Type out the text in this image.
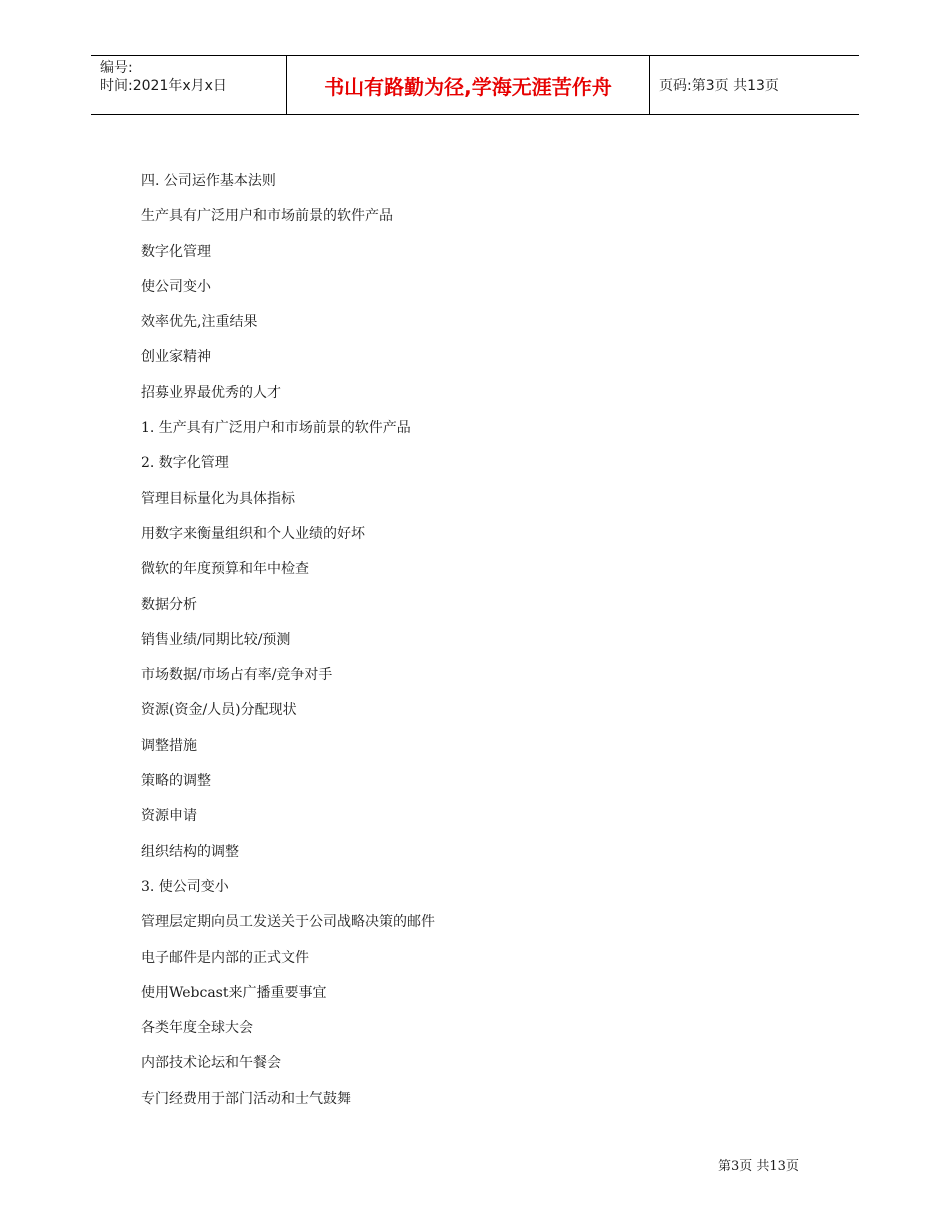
编号:
时间:2021年x月x日	书山有路勤为径,学海无涯苦作舟	页码:第3页 共13页
四. 公司运作基本法则
生产具有广泛用户和市场前景的软件产品
数字化管理
使公司变小
效率优先,注重结果
创业家精神
招募业界最优秀的人才
1. 生产具有广泛用户和市场前景的软件产品
2. 数字化管理
管理目标量化为具体指标
用数字来衡量组织和个人业绩的好坏
微软的年度预算和年中检查
数据分析
销售业绩/同期比较/预测
市场数据/市场占有率/竞争对手
资源(资金/人员)分配现状
调整措施
策略的调整
资源申请
组织结构的调整
3. 使公司变小
管理层定期向员工发送关于公司战略决策的邮件
电子邮件是内部的正式文件
使用Webcast来广播重要事宜
各类年度全球大会
内部技术论坛和午餐会
专门经费用于部门活动和士气鼓舞
第3页 共13页
